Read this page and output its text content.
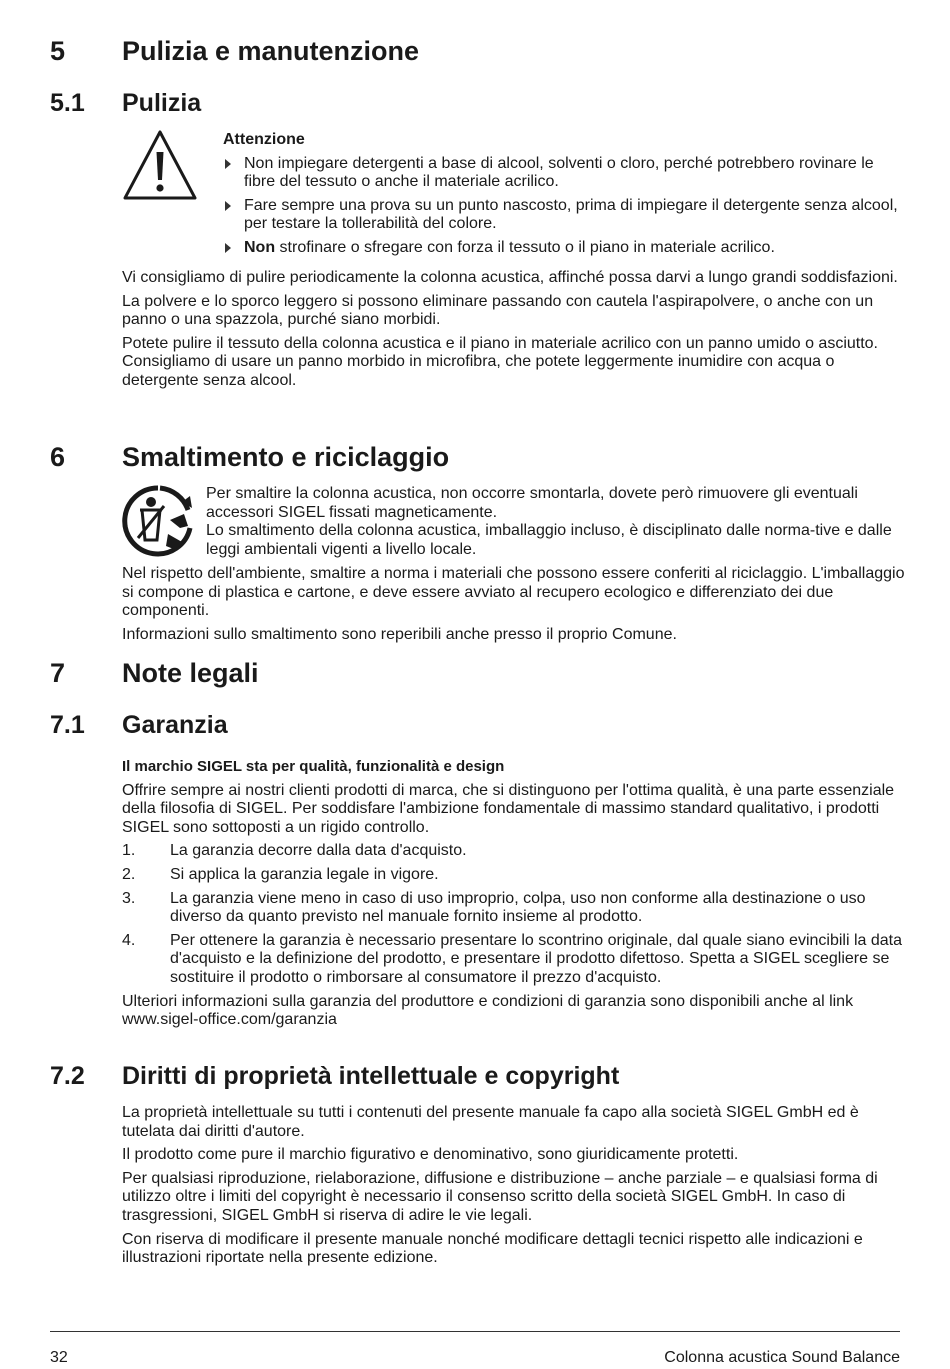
5 Pulizia e manutenzione
5.1 Pulizia

Attenzione

Non impiegare detergenti a base di alcool, solventi o cloro, perché potrebbero rovinare le fibre del tessuto o anche il materiale acrilico.
Fare sempre una prova su un punto nascosto, prima di impiegare il detergente senza alcool, per testare la tollerabilità del colore.
Non strofinare o sfregare con forza il tessuto o il piano in materiale acrilico.

Vi consigliamo di pulire periodicamente la colonna acustica, affinché possa darvi a lungo grandi soddisfazioni.

La polvere e lo sporco leggero si possono eliminare passando con cautela l'aspirapolvere, o anche con un panno o una spazzola, purché siano morbidi.

Potete pulire il tessuto della colonna acustica e il piano in materiale acrilico con un panno umido o asciutto.

Consigliamo di usare un panno morbido in microfibra, che potete leggermente inumidire con acqua o detergente senza alcool.

6 Smaltimento e riciclaggio

Per smaltire la colonna acustica, non occorre smontarla, dovete però rimuovere gli eventuali accessori SIGEL fissati magneticamente.

Lo smaltimento della colonna acustica, imballaggio incluso, è disciplinato dalle norma-tive e dalle leggi ambientali vigenti a livello locale.

Nel rispetto dell'ambiente, smaltire a norma i materiali che possono essere conferiti al riciclaggio. L'imballaggio si compone di plastica e cartone, e deve essere avviato al recupero ecologico e differenziato dei due componenti.

Informazioni sullo smaltimento sono reperibili anche presso il proprio Comune.

7 Note legali
7.1 Garanzia

Il marchio SIGEL sta per qualità, funzionalità e design

Offrire sempre ai nostri clienti prodotti di marca, che si distinguono per l'ottima qualità, è una parte essenziale della filosofia di SIGEL. Per soddisfare l'ambizione fondamentale di massimo standard qualitativo, i prodotti SIGEL sono sottoposti a un rigido controllo.

1. La garanzia decorre dalla data d'acquisto.
2. Si applica la garanzia legale in vigore.
3. La garanzia viene meno in caso di uso improprio, colpa, uso non conforme alla destinazione o uso diverso da quanto previsto nel manuale fornito insieme al prodotto.
4. Per ottenere la garanzia è necessario presentare lo scontrino originale, dal quale siano evincibili la data d'acquisto e la definizione del prodotto, e presentare il prodotto difettoso. Spetta a SIGEL scegliere se sostituire il prodotto o rimborsare al consumatore il prezzo d'acquisto.

Ulteriori informazioni sulla garanzia del produttore e condizioni di garanzia sono disponibili anche al link www.sigel-office.com/garanzia

7.2 Diritti di proprietà intellettuale e copyright

La proprietà intellettuale su tutti i contenuti del presente manuale fa capo alla società SIGEL GmbH ed è tutelata dai diritti d'autore.

Il prodotto come pure il marchio figurativo e denominativo, sono giuridicamente protetti.

Per qualsiasi riproduzione, rielaborazione, diffusione e distribuzione – anche parziale – e qualsiasi forma di utilizzo oltre i limiti del copyright è necessario il consenso scritto della società SIGEL GmbH. In caso di trasgressioni, SIGEL GmbH si riserva di adire le vie legali.

Con riserva di modificare il presente manuale nonché modificare dettagli tecnici rispetto alle indicazioni e illustrazioni riportate nella presente edizione.

32	Colonna acustica Sound Balance
